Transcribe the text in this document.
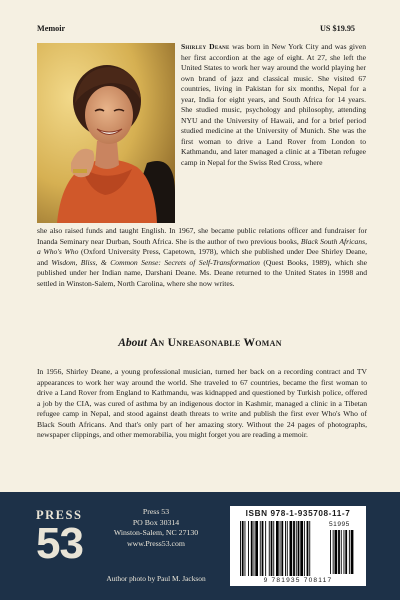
Memoir	US $19.95
Shirley Deane was born in New York City and was given her first accordion at the age of eight. At 27, she left the United States to work her way around the world playing her own brand of jazz and classical music. She visited 67 countries, living in Pakistan for six months, Nepal for a year, India for eight years, and South Africa for 14 years. She studied music, psychology and philosophy, attending NYU and the University of Hawaii, and for a brief period studied medicine at the University of Munich. She was the first woman to drive a Land Rover from London to Kathmandu, and later managed a clinic at a Tibetan refugee camp in Nepal for the Swiss Red Cross, where
she also raised funds and taught English. In 1967, she became public relations officer and fundraiser for Inanda Seminary near Durban, South Africa. She is the author of two previous books, Black South Africans, a Who's Who (Oxford University Press, Capetown, 1978), which she published under Dee Shirley Deane, and Wisdom, Bliss, & Common Sense: Secrets of Self-Transformation (Quest Books, 1989), which she published under her Indian name, Darshani Deane. Ms. Deane returned to the United States in 1998 and settled in Winston-Salem, North Carolina, where she now writes.
About An Unreasonable Woman
In 1956, Shirley Deane, a young professional musician, turned her back on a recording contract and TV appearances to work her way around the world. She traveled to 67 countries, became the first woman to drive a Land Rover from England to Kathmandu, was kidnapped and questioned by Turkish police, offered a job by the CIA, was cured of asthma by an indigenous doctor in Kashmir, managed a clinic in a Tibetan refugee camp in Nepal, and stood against death threats to write and publish the first ever Who's Who of Black South Africans. And that's only part of her amazing story. Without the 24 pages of photographs, newspaper clippings, and other memorabilia, you might forget you are reading a memoir.
PRESS
53
Press 53
PO Box 30314
Winston-Salem, NC 27130
www.Press53.com
Author photo by Paul M. Jackson
ISBN 978-1-935708-11-7
51995
9 781935 708117
